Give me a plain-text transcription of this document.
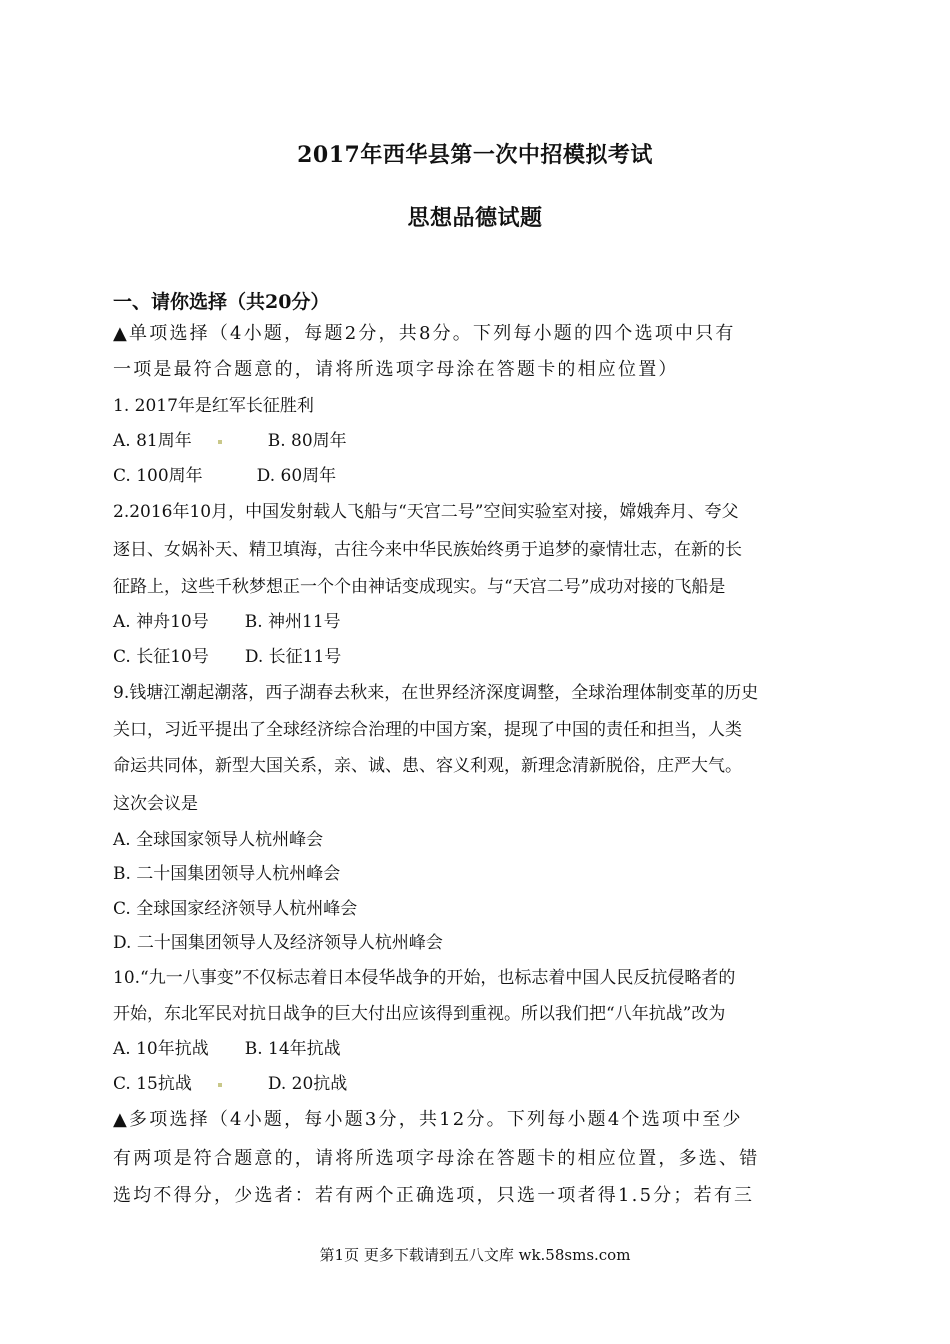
2017年西华县第一次中招模拟考试
思想品德试题
一、请你选择（共20分）
▲单项选择（4小题，每题2分，共8分。下列每小题的四个选项中只有
一项是最符合题意的，请将所选项字母涂在答题卡的相应位置）
1. 2017年是红军长征胜利
A. 81周年	B. 80周年
C. 100周年	D. 60周年
2.2016年10月，中国发射载人飞船与“天宫二号”空间实验室对接，嫦娥奔月、夸父
逐日、女娲补天、精卫填海，古往今来中华民族始终勇于追梦的豪情壮志，在新的长
征路上，这些千秋梦想正一个个由神话变成现实。与“天宫二号”成功对接的飞船是
A. 神舟10号 B. 神州11号
C. 长征10号 D. 长征11号
9.钱塘江潮起潮落，西子湖春去秋来，在世界经济深度调整，全球治理体制变革的历史
关口，习近平提出了全球经济综合治理的中国方案，提现了中国的责任和担当，人类
命运共同体，新型大国关系，亲、诚、患、容义利观，新理念清新脱俗，庄严大气。
这次会议是
A. 全球国家领导人杭州峰会
B. 二十国集团领导人杭州峰会
C. 全球国家经济领导人杭州峰会
D. 二十国集团领导人及经济领导人杭州峰会
10.“九一八事变”不仅标志着日本侵华战争的开始，也标志着中国人民反抗侵略者的
开始，东北军民对抗日战争的巨大付出应该得到重视。所以我们把“八年抗战”改为
A. 10年抗战 B. 14年抗战
C. 15抗战	D. 20抗战
▲多项选择（4小题，每小题3分，共12分。下列每小题4个选项中至少
有两项是符合题意的，请将所选项字母涂在答题卡的相应位置，多选、错
选均不得分，少选者：若有两个正确选项，只选一项者得1.5分；若有三
第1页 更多下载请到五八文库 wk.58sms.com
